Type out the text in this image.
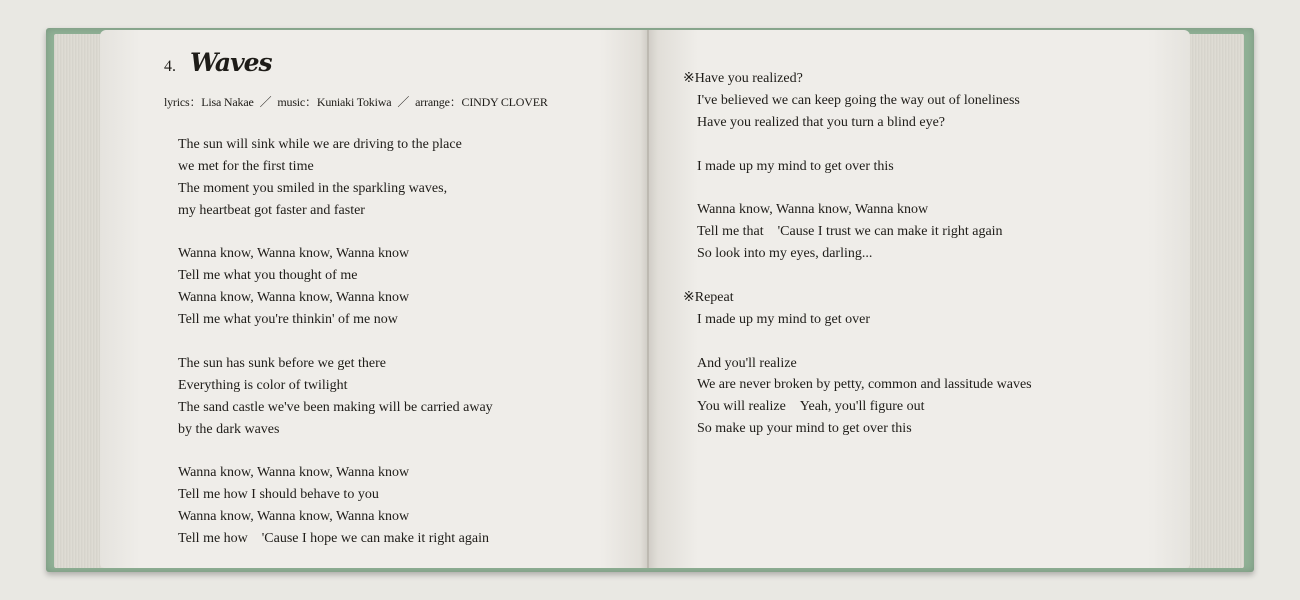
4. Waves
lyrics：Lisa Nakae ／ music：Kuniaki Tokiwa ／ arrange：CINDY CLOVER
The sun will sink while we are driving to the place
we met for the first time
The moment you smiled in the sparkling waves,
my heartbeat got faster and faster
Wanna know, Wanna know, Wanna know
Tell me what you thought of me
Wanna know, Wanna know, Wanna know
Tell me what you're thinkin' of me now
The sun has sunk before we get there
Everything is color of twilight
The sand castle we've been making will be carried away
by the dark waves
Wanna know, Wanna know, Wanna know
Tell me how I should behave to you
Wanna know, Wanna know, Wanna know
Tell me how　'Cause I hope we can make it right again
※Have you realized?
I've believed we can keep going the way out of loneliness
Have you realized that you turn a blind eye?
I made up my mind to get over this
Wanna know, Wanna know, Wanna know
Tell me that　'Cause I trust we can make it right again
So look into my eyes, darling...
※Repeat
I made up my mind to get over
And you'll realize
We are never broken by petty, common and lassitude waves
You will realize　Yeah, you'll figure out
So make up your mind to get over this
